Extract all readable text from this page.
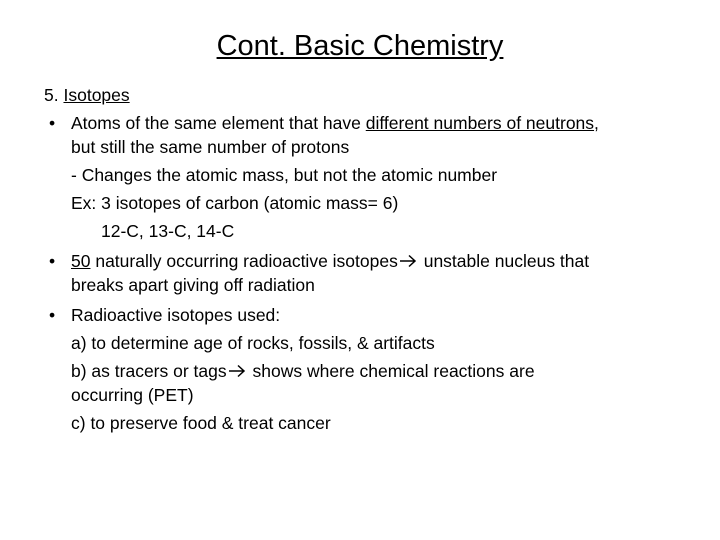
Cont. Basic Chemistry
5. Isotopes
• Atoms of the same element that have different numbers of neutrons,
but still the same number of protons
- Changes the atomic mass, but not the atomic number
Ex: 3 isotopes of carbon (atomic mass= 6)
12-C, 13-C, 14-C
• 50 naturally occurring radioactive isotopes unstable nucleus that
breaks apart giving off radiation
• Radioactive isotopes used:
a) to determine age of rocks, fossils, & artifacts
b) as tracers or tags shows where chemical reactions are
occurring (PET)
c) to preserve food & treat cancer
